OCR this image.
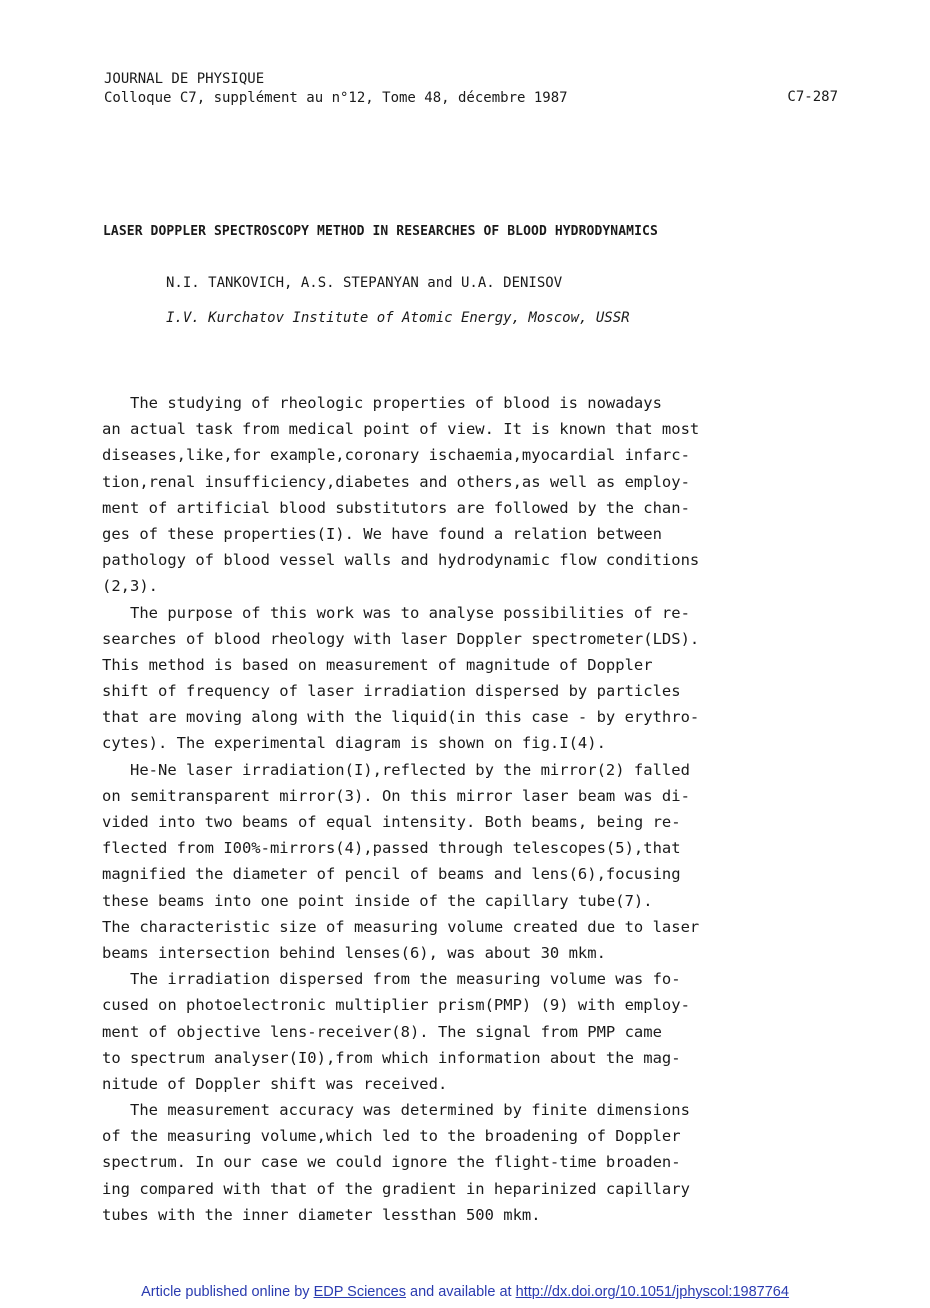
JOURNAL DE PHYSIQUE
Colloque C7, supplément au n°12, Tome 48, décembre 1987	C7-287
LASER DOPPLER SPECTROSCOPY METHOD IN RESEARCHES OF BLOOD HYDRODYNAMICS
N.I. TANKOVICH, A.S. STEPANYAN and U.A. DENISOV
I.V. Kurchatov Institute of Atomic Energy, Moscow, USSR
The studying of rheologic properties of blood is nowadays
an actual task from medical point of view. It is known that most
diseases,like,for example,coronary ischaemia,myocardial infarc-
tion,renal insufficiency,diabetes and others,as well as employ-
ment of artificial blood substitutors are followed by the chan-
ges of these properties(I). We have found a relation between
pathology of blood vessel walls and hydrodynamic flow conditions
(2,3).
The purpose of this work was to analyse possibilities of re-
searches of blood rheology with laser Doppler spectrometer(LDS).
This method is based on measurement of magnitude of Doppler
shift of frequency of laser irradiation dispersed by particles
that are moving along with the liquid(in this case - by erythro-
cytes). The experimental diagram is shown on fig.I(4).
He-Ne laser irradiation(I),reflected by the mirror(2) falled
on semitransparent mirror(3). On this mirror laser beam was di-
vided into two beams of equal intensity. Both beams, being re-
flected from I00%-mirrors(4),passed through telescopes(5),that
magnified the diameter of pencil of beams and lens(6),focusing
these beams into one point inside of the capillary tube(7).
The characteristic size of measuring volume created due to laser
beams intersection behind lenses(6), was about 30 mkm.
The irradiation dispersed from the measuring volume was fo-
cused on photoelectronic multiplier prism(PMP) (9) with employ-
ment of objective lens-receiver(8). The signal from PMP came
to spectrum analyser(I0),from which information about the mag-
nitude of Doppler shift was received.
The measurement accuracy was determined by finite dimensions
of the measuring volume,which led to the broadening of Doppler
spectrum. In our case we could ignore the flight-time broaden-
ing compared with that of the gradient in heparinized capillary
tubes with the inner diameter lessthan 500 mkm.
Article published online by EDP Sciences and available at http://dx.doi.org/10.1051/jphyscol:1987764
